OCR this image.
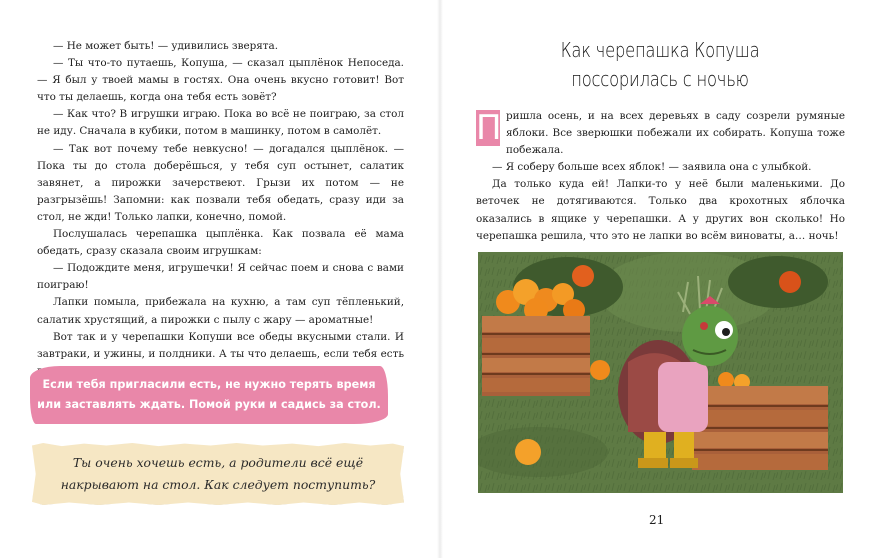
— Не может быть! — удивились зверята.

— Ты что-то путаешь, Копуша, — сказал цыплёнок Непоседа. — Я был у твоей мамы в гостях. Она очень вкусно готовит! Вот что ты делаешь, когда она тебя есть зовёт?

— Как что? В игрушки играю. Пока во всё не поиграю, за стол не иду. Сначала в кубики, потом в машинку, потом в самолёт.

— Так вот почему тебе невкусно! — догадался цыплёнок. — Пока ты до стола доберёшься, у тебя суп остынет, салатик завянет, а пирожки зачерствеют. Грызи их потом — не разгрызёшь! Запомни: как позвали тебя обедать, сразу иди за стол, не жди! Только лапки, конечно, помой.

Послушалась черепашка цыплёнка. Как позвала её мама обедать, сразу сказала своим игрушкам:

— Подождите меня, игрушечки! Я сейчас поем и снова с вами поиграю!

Лапки помыла, прибежала на кухню, а там суп тёпленький, салатик хрустящий, а пирожки с пылу с жару — ароматные!

Вот так и у черепашки Копуши все обеды вкусными стали. И завтраки, и ужины, и полдники. А ты что делаешь, если тебя есть

Если тебя пригласили есть, не нужно терять время или заставлять ждать. Помой руки и садись за стол.
Ты очень хочешь есть, а родители всё ещё накрывают на стол. Как следует поступить?
Как черепашка Копуша поссорилась с ночью

П ришла осень, и на всех деревьях в саду созрели румяные яблоки. Все зверюшки побежали их собирать. Копуша тоже побежала.

— Я соберу больше всех яблок! — заявила она с улыбкой.

Да только куда ей! Лапки-то у неё были маленькими. До веточек не дотягиваются. Только два крохотных яблочка оказались в ящике у черепашки. А у других вон сколько! Но черепашка решила, что это не лапки во всём виноваты, а… ночь!

21
